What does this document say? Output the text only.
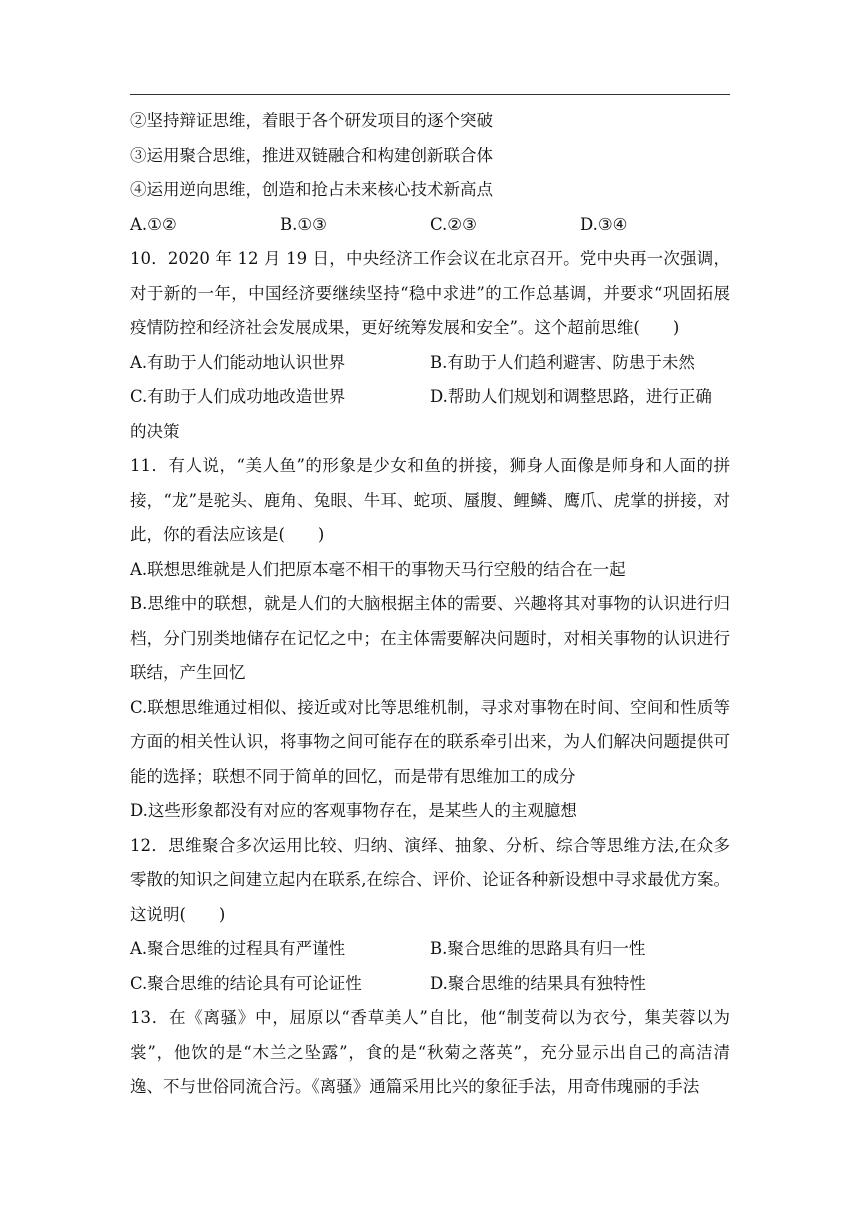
②坚持辩证思维，着眼于各个研发项目的逐个突破
③运用聚合思维，推进双链融合和构建创新联合体
④运用逆向思维，创造和抢占未来核心技术新高点
A.①②	B.①③	C.②③	D.③④
10．2020 年 12 月 19 日，中央经济工作会议在北京召开。党中央再一次强调，对于新的一年，中国经济要继续坚持“稳中求进”的工作总基调，并要求“巩固拓展疫情防控和经济社会发展成果，更好统筹发展和安全”。这个超前思维(　　)
A.有助于人们能动地认识世界	B.有助于人们趋利避害、防患于未然
C.有助于人们成功地改造世界	D.帮助人们规划和调整思路，进行正确
的决策
11．有人说，“美人鱼”的形象是少女和鱼的拼接，狮身人面像是师身和人面的拼接，“龙”是驼头、鹿角、兔眼、牛耳、蛇项、蜃腹、鲤鳞、鹰爪、虎掌的拼接，对此，你的看法应该是(　　)
A.联想思维就是人们把原本毫不相干的事物天马行空般的结合在一起
B.思维中的联想，就是人们的大脑根据主体的需要、兴趣将其对事物的认识进行归档，分门别类地储存在记忆之中；在主体需要解决问题时，对相关事物的认识进行联结，产生回忆
C.联想思维通过相似、接近或对比等思维机制，寻求对事物在时间、空间和性质等方面的相关性认识，将事物之间可能存在的联系牵引出来，为人们解决问题提供可能的选择；联想不同于简单的回忆，而是带有思维加工的成分
D.这些形象都没有对应的客观事物存在，是某些人的主观臆想
12．思维聚合多次运用比较、归纳、演绎、抽象、分析、综合等思维方法,在众多零散的知识之间建立起内在联系,在综合、评价、论证各种新设想中寻求最优方案。这说明(　　)
A.聚合思维的过程具有严谨性	B.聚合思维的思路具有归一性
C.聚合思维的结论具有可论证性	D.聚合思维的结果具有独特性
13．在《离骚》中，屈原以“香草美人”自比，他“制芰荷以为衣兮，集芙蓉以为裳”，他饮的是“木兰之坠露”，食的是“秋菊之落英”，充分显示出自己的高洁清逸、不与世俗同流合污。《离骚》通篇采用比兴的象征手法，用奇伟瑰丽的手法
